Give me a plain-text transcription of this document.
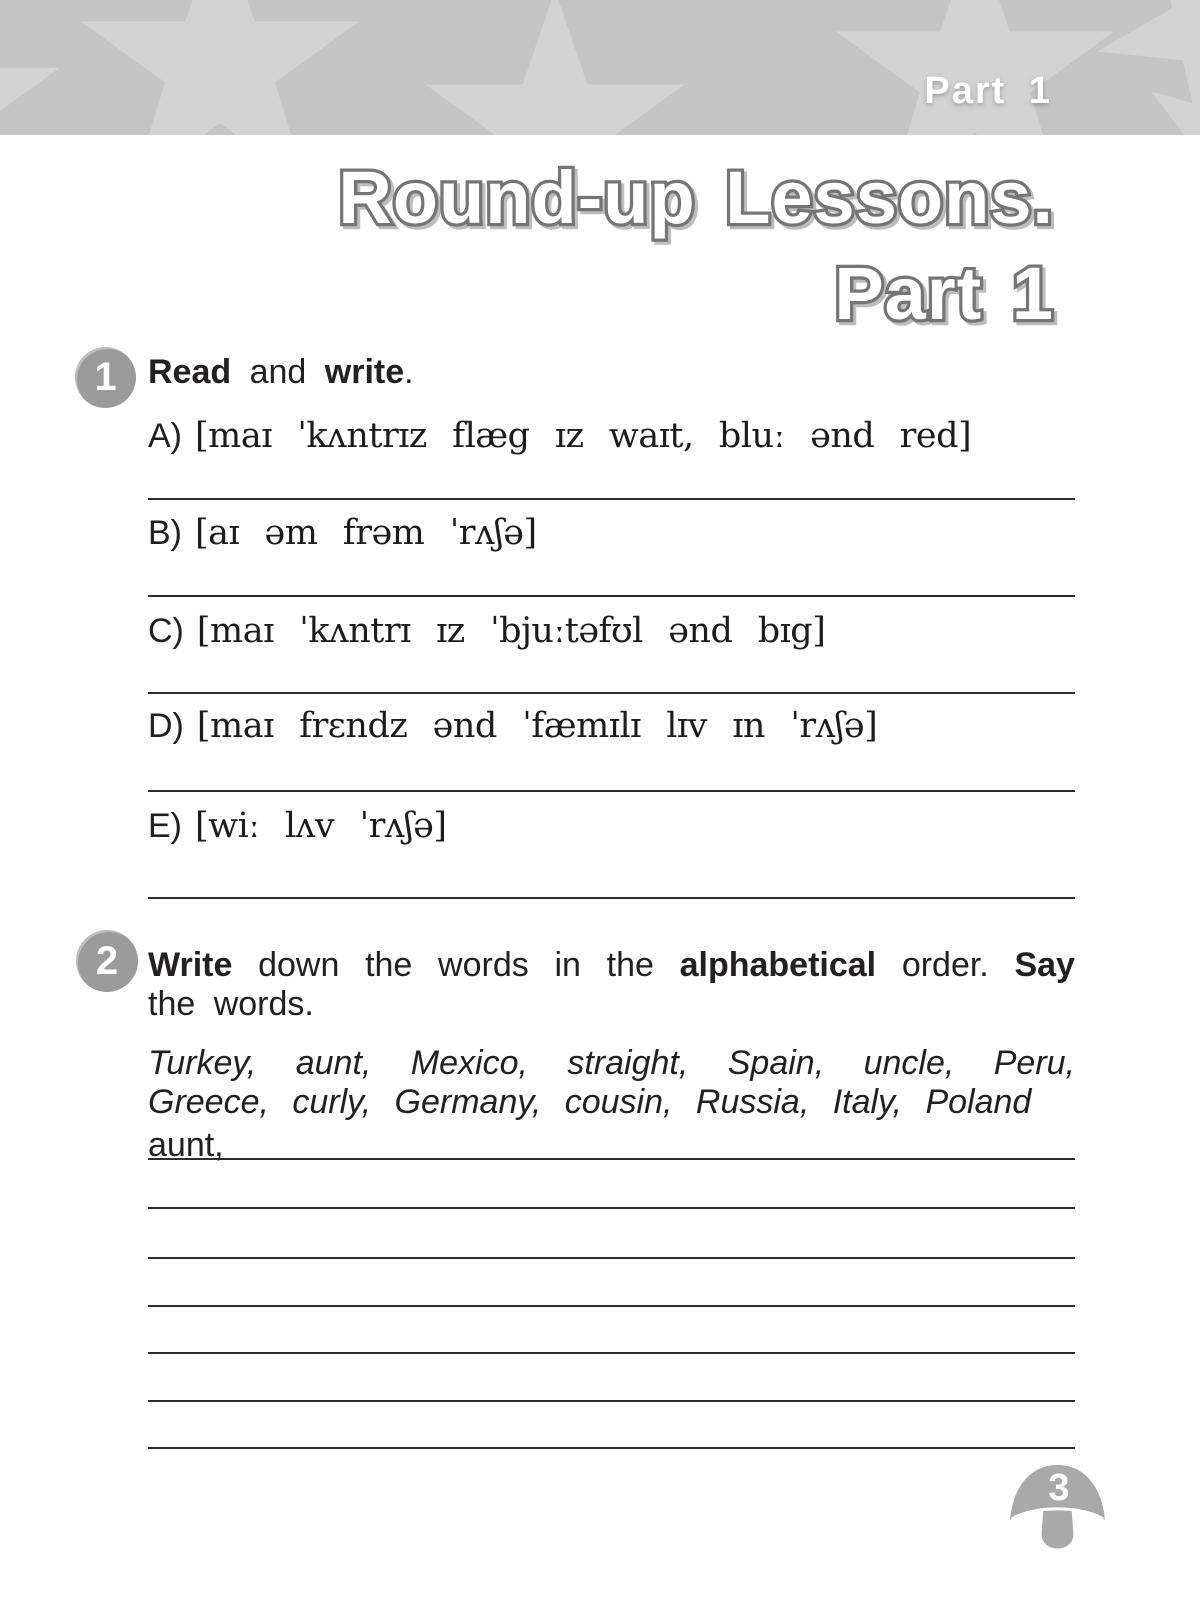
Part 1
Round-up Lessons.
Part 1
1 Read and write.
A) [maɪ ˈkʌntrɪz flæg ɪz waɪt, bluː ənd red]
B) [aɪ əm frəm ˈrʌʃə]
C) [maɪ ˈkʌntrɪ ɪz ˈbjuːtəfʊl ənd bɪg]
D) [maɪ frɛndz ənd ˈfæmɪlɪ lɪv ɪn ˈrʌʃə]
E) [wiː lʌv ˈrʌʃə]
2 Write down the words in the alphabetical order. Say
the words.
Turkey, aunt, Mexico, straight, Spain, uncle, Peru,
Greece, curly, Germany, cousin, Russia, Italy, Poland
aunt,
3
